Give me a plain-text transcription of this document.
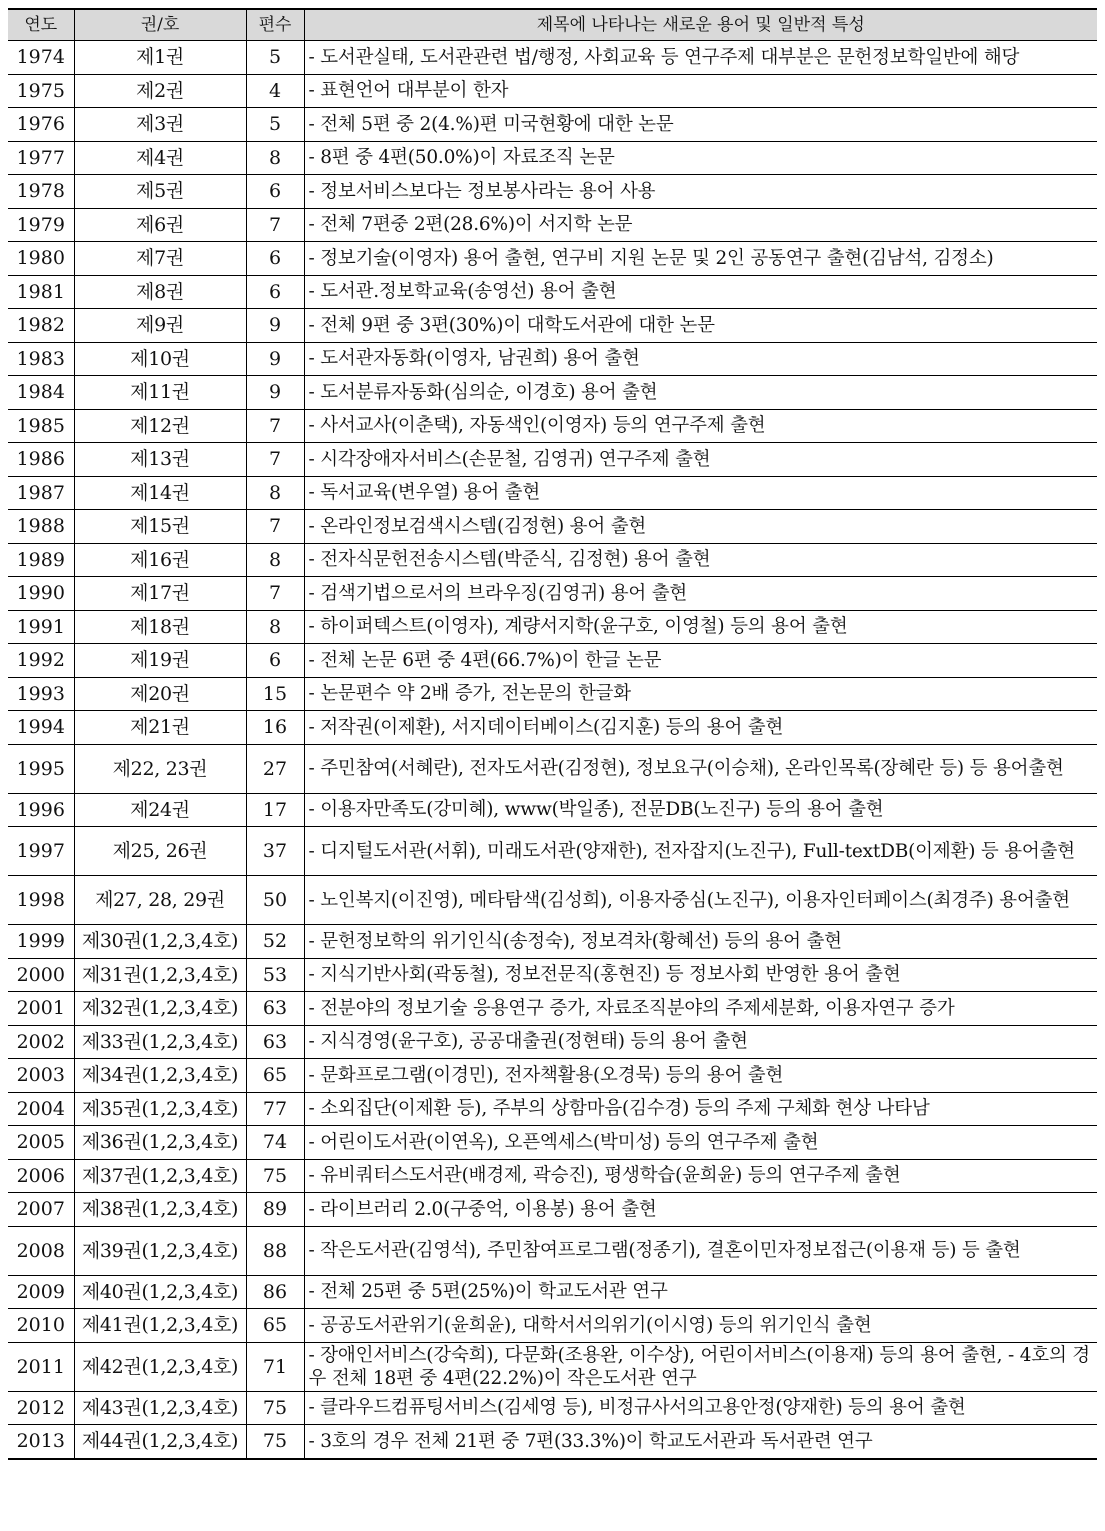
연도	권/호	편수	제목에 나타나는 새로운 용어 및 일반적 특성
1974	제1권	5	- 도서관실태, 도서관관련 법/행정, 사회교육 등 연구주제 대부분은 문헌정보학일반에 해당
1975	제2권	4	- 표현언어 대부분이 한자
1976	제3권	5	- 전체 5편 중 2(4.%)편 미국현황에 대한 논문
1977	제4권	8	- 8편 중 4편(50.0%)이 자료조직 논문
1978	제5권	6	- 정보서비스보다는 정보봉사라는 용어 사용
1979	제6권	7	- 전체 7편중 2편(28.6%)이 서지학 논문
1980	제7권	6	- 정보기술(이영자) 용어 출현, 연구비 지원 논문 및 2인 공동연구 출현(김남석, 김정소)
1981	제8권	6	- 도서관.정보학교육(송영선) 용어 출현
1982	제9권	9	- 전체 9편 중 3편(30%)이 대학도서관에 대한 논문
1983	제10권	9	- 도서관자동화(이영자, 남권희) 용어 출현
1984	제11권	9	- 도서분류자동화(심의순, 이경호) 용어 출현
1985	제12권	7	- 사서교사(이춘택), 자동색인(이영자) 등의 연구주제 출현
1986	제13권	7	- 시각장애자서비스(손문철, 김영귀) 연구주제 출현
1987	제14권	8	- 독서교육(변우열) 용어 출현
1988	제15권	7	- 온라인정보검색시스템(김정현) 용어 출현
1989	제16권	8	- 전자식문헌전송시스템(박준식, 김정현) 용어 출현
1990	제17권	7	- 검색기법으로서의 브라우징(김영귀) 용어 출현
1991	제18권	8	- 하이퍼텍스트(이영자), 계량서지학(윤구호, 이영철) 등의 용어 출현
1992	제19권	6	- 전체 논문 6편 중 4편(66.7%)이 한글 논문
1993	제20권	15	- 논문편수 약 2배 증가, 전논문의 한글화
1994	제21권	16	- 저작권(이제환), 서지데이터베이스(김지훈) 등의 용어 출현
1995	제22, 23권	27	- 주민참여(서혜란), 전자도서관(김정현), 정보요구(이승채), 온라인목록(장혜란 등) 등 용어출현
1996	제24권	17	- 이용자만족도(강미혜), www(박일종), 전문DB(노진구) 등의 용어 출현
1997	제25, 26권	37	- 디지털도서관(서휘), 미래도서관(양재한), 전자잡지(노진구), Full-textDB(이제환) 등 용어출현
1998	제27, 28, 29권	50	- 노인복지(이진영), 메타탐색(김성희), 이용자중심(노진구), 이용자인터페이스(최경주) 용어출현
1999	제30권(1,2,3,4호)	52	- 문헌정보학의 위기인식(송정숙), 정보격차(황혜선) 등의 용어 출현
2000	제31권(1,2,3,4호)	53	- 지식기반사회(곽동철), 정보전문직(홍현진) 등 정보사회 반영한 용어 출현
2001	제32권(1,2,3,4호)	63	- 전분야의 정보기술 응용연구 증가, 자료조직분야의 주제세분화, 이용자연구 증가
2002	제33권(1,2,3,4호)	63	- 지식경영(윤구호), 공공대출권(정현태) 등의 용어 출현
2003	제34권(1,2,3,4호)	65	- 문화프로그램(이경민), 전자책활용(오경묵) 등의 용어 출현
2004	제35권(1,2,3,4호)	77	- 소외집단(이제환 등), 주부의 상함마음(김수경) 등의 주제 구체화 현상 나타남
2005	제36권(1,2,3,4호)	74	- 어린이도서관(이연옥), 오픈엑세스(박미성) 등의 연구주제 출현
2006	제37권(1,2,3,4호)	75	- 유비쿼터스도서관(배경제, 곽승진), 평생학습(윤희윤) 등의 연구주제 출현
2007	제38권(1,2,3,4호)	89	- 라이브러리 2.0(구중억, 이용봉) 용어 출현
2008	제39권(1,2,3,4호)	88	- 작은도서관(김영석), 주민참여프로그램(정종기), 결혼이민자정보접근(이용재 등) 등 출현
2009	제40권(1,2,3,4호)	86	- 전체 25편 중 5편(25%)이 학교도서관 연구
2010	제41권(1,2,3,4호)	65	- 공공도서관위기(윤희윤), 대학서서의위기(이시영) 등의 위기인식 출현
2011	제42권(1,2,3,4호)	71	- 장애인서비스(강숙희), 다문화(조용완, 이수상), 어린이서비스(이용재) 등의 용어 출현, - 4호의 경우 전체 18편 중 4편(22.2%)이 작은도서관 연구
2012	제43권(1,2,3,4호)	75	- 클라우드컴퓨팅서비스(김세영 등), 비정규사서의고용안정(양재한) 등의 용어 출현
2013	제44권(1,2,3,4호)	75	- 3호의 경우 전체 21편 중 7편(33.3%)이 학교도서관과 독서관련 연구
